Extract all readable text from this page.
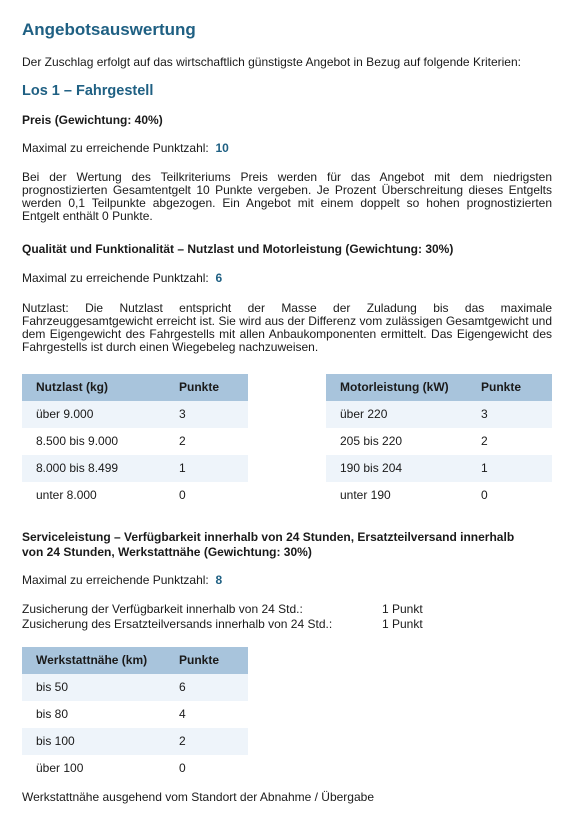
Angebotsauswertung
Der Zuschlag erfolgt auf das wirtschaftlich günstigste Angebot in Bezug auf folgende Kriterien:
Los 1 – Fahrgestell
Preis (Gewichtung: 40%)
Maximal zu erreichende Punktzahl: 10
Bei der Wertung des Teilkriteriums Preis werden für das Angebot mit dem niedrigsten prognostizierten Gesamtentgelt 10 Punkte vergeben. Je Prozent Überschreitung dieses Entgelts werden 0,1 Teilpunkte abgezogen. Ein Angebot mit einem doppelt so hohen prognostizierten Entgelt enthält 0 Punkte.
Qualität und Funktionalität – Nutzlast und Motorleistung (Gewichtung: 30%)
Maximal zu erreichende Punktzahl: 6
Nutzlast: Die Nutzlast entspricht der Masse der Zuladung bis das maximale Fahrzeuggesamtgewicht erreicht ist. Sie wird aus der Differenz vom zulässigen Gesamtgewicht und dem Eigengewicht des Fahrgestells mit allen Anbaukomponenten ermittelt. Das Eigengewicht des Fahrgestells ist durch einen Wiegebeleg nachzuweisen.
Nutzlast (kg)	Punkte
über 9.000	3
8.500 bis 9.000	2
8.000 bis 8.499	1
unter 8.000	0
Motorleistung (kW)	Punkte
über 220	3
205 bis 220	2
190 bis 204	1
unter 190	0
Serviceleistung – Verfügbarkeit innerhalb von 24 Stunden, Ersatzteilversand innerhalb
von 24 Stunden, Werkstattnähe (Gewichtung: 30%)
Maximal zu erreichende Punktzahl: 8
Zusicherung der Verfügbarkeit innerhalb von 24 Std.:	1 Punkt
Zusicherung des Ersatzteilversands innerhalb von 24 Std.:	1 Punkt
Werkstattnähe (km)	Punkte
bis 50	6
bis 80	4
bis 100	2
über 100	0
Werkstattnähe ausgehend vom Standort der Abnahme / Übergabe
